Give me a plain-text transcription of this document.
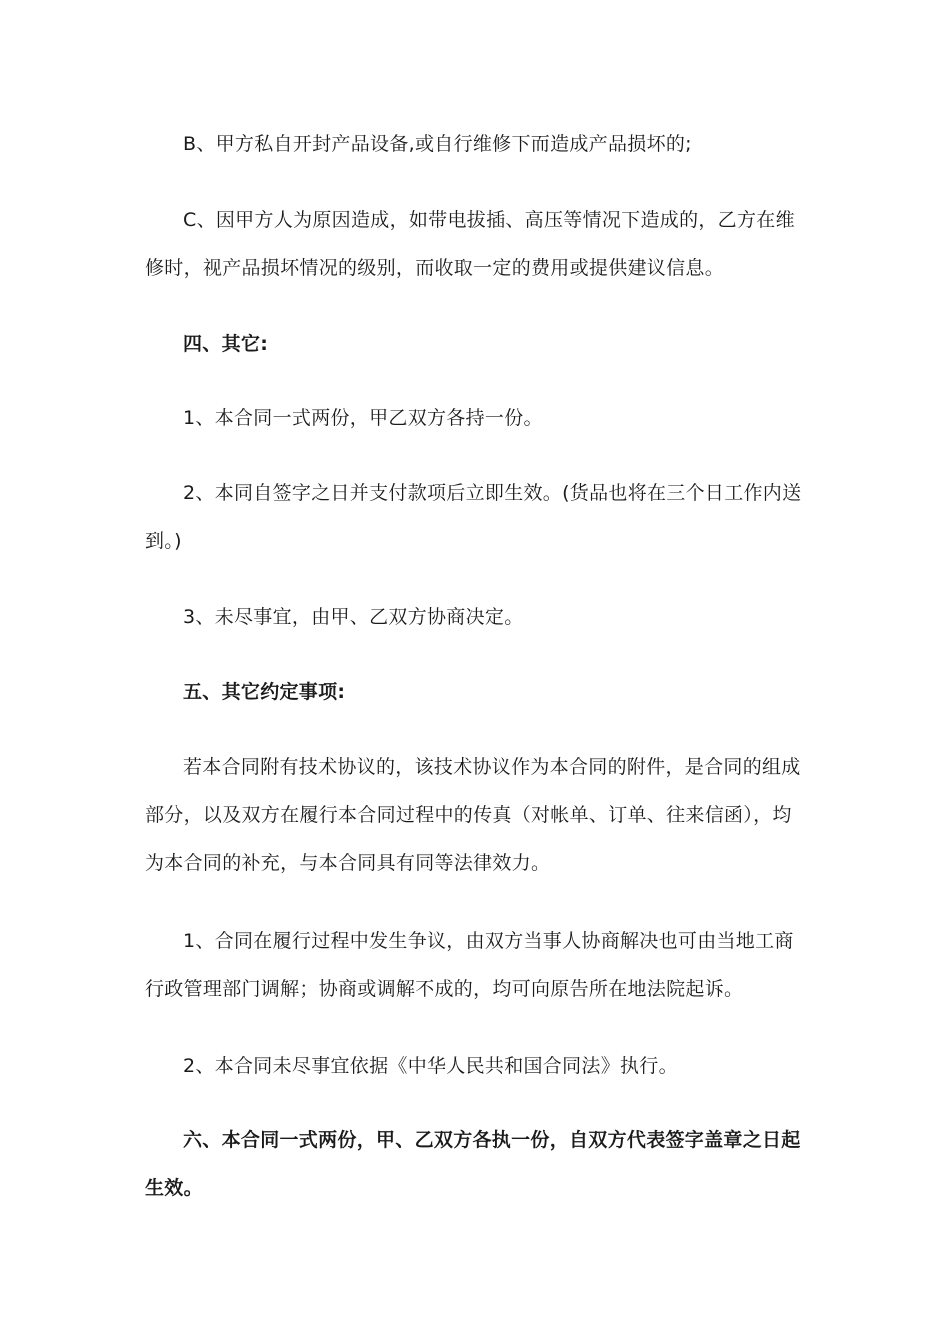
B、甲方私自开封产品设备,或自行维修下而造成产品损坏的;

C、因甲方人为原因造成，如带电拔插、高压等情况下造成的，乙方在维修时，视产品损坏情况的级别，而收取一定的费用或提供建议信息。

四、其它:

1、本合同一式两份，甲乙双方各持一份。

2、本同自签字之日并支付款项后立即生效。(货品也将在三个日工作内送到。)

3、未尽事宜，由甲、乙双方协商决定。

五、其它约定事项:

若本合同附有技术协议的，该技术协议作为本合同的附件，是合同的组成部分，以及双方在履行本合同过程中的传真（对帐单、订单、往来信函），均为本合同的补充，与本合同具有同等法律效力。

1、合同在履行过程中发生争议，由双方当事人协商解决也可由当地工商行政管理部门调解；协商或调解不成的，均可向原告所在地法院起诉。

2、本合同未尽事宜依据《中华人民共和国合同法》执行。

六、本合同一式两份，甲、乙双方各执一份，自双方代表签字盖章之日起生效。
